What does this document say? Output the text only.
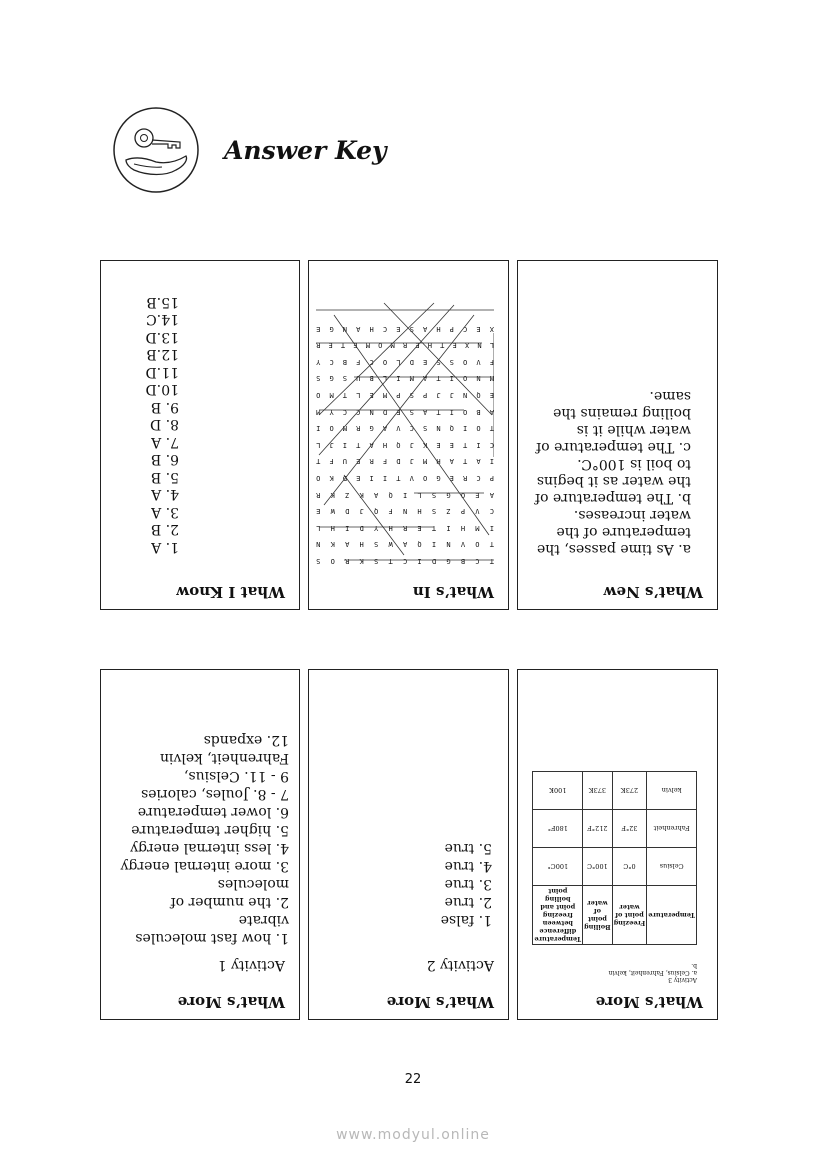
Answer Key
What I Know
1. A
2. B
3. A
4. A
5. B
6. B
7. A
8. D
9. B
10.D
11.D
12.B
13.D
14.C
15.B
What’s In
T
C
B
G
D
I
C
T
S
K
R
O
S
T
O
V
N
I
Q
A
W
S
H
A
K
N
I
M
H
I
T
E
R
H
Y
D
I
H
L
C
V
P
Z
S
H
N
F
Q
J
D
W
E
A
E
O
G
S
L
I
Q
A
K
Z
K
R
P
C
R
E
G
O
V
T
I
I
E
D
K
O
I
A
T
A
H
M
J
D
F
R
E
U
F
T
C
I
T
E
E
K
J
Q
H
A
T
I
J
L
T
O
I
Q
N
S
C
V
A
G
R
M
O
I
A
B
O
I
T
A
S
E
D
N
C
C
Y
M
E
Q
N
J
J
P
S
P
M
E
L
T
M
O
M
N
O
I
T
A
M
I
L
B
U
S
G
S
F
V
O
S
S
E
D
L
O
C
F
B
C
Y
L
N
X
E
T
H
E
R
M
O
M
E
T
E
R
X
E
C
P
H
A
S
E
C
H
A
N
G
E
What’s New
a. As time passes, the temperature of the water increases.
b. The temperature of the water as it begins to boil is 100°C.
c. The temperature of water while it is boiling remains the same.
What’s More
Activity 1
1. how fast molecules vibrate
2. the number of molecules
3. more internal energy
4. less internal energy
5. higher temperature
6. lower temperature
7 - 8. Joules, calories
9 - 11. Celsius, Fahrenheit, kelvin
12. expands
What’s More
Activity 2
1. false
2. true
3. true
4. true
5. true
What’s More
Activity 3
a. Celsius, Fahrenheit, kelvin
b.
Temperature	Freezing point of water	Boiling point of water	Temperature difference between freezing point and boiling point
Celsius	0°C	100°C	100C°
Fahrenheit	32°F	212°F	180F°
kelvin	273K	373K	100K
22
www.modyul.online
